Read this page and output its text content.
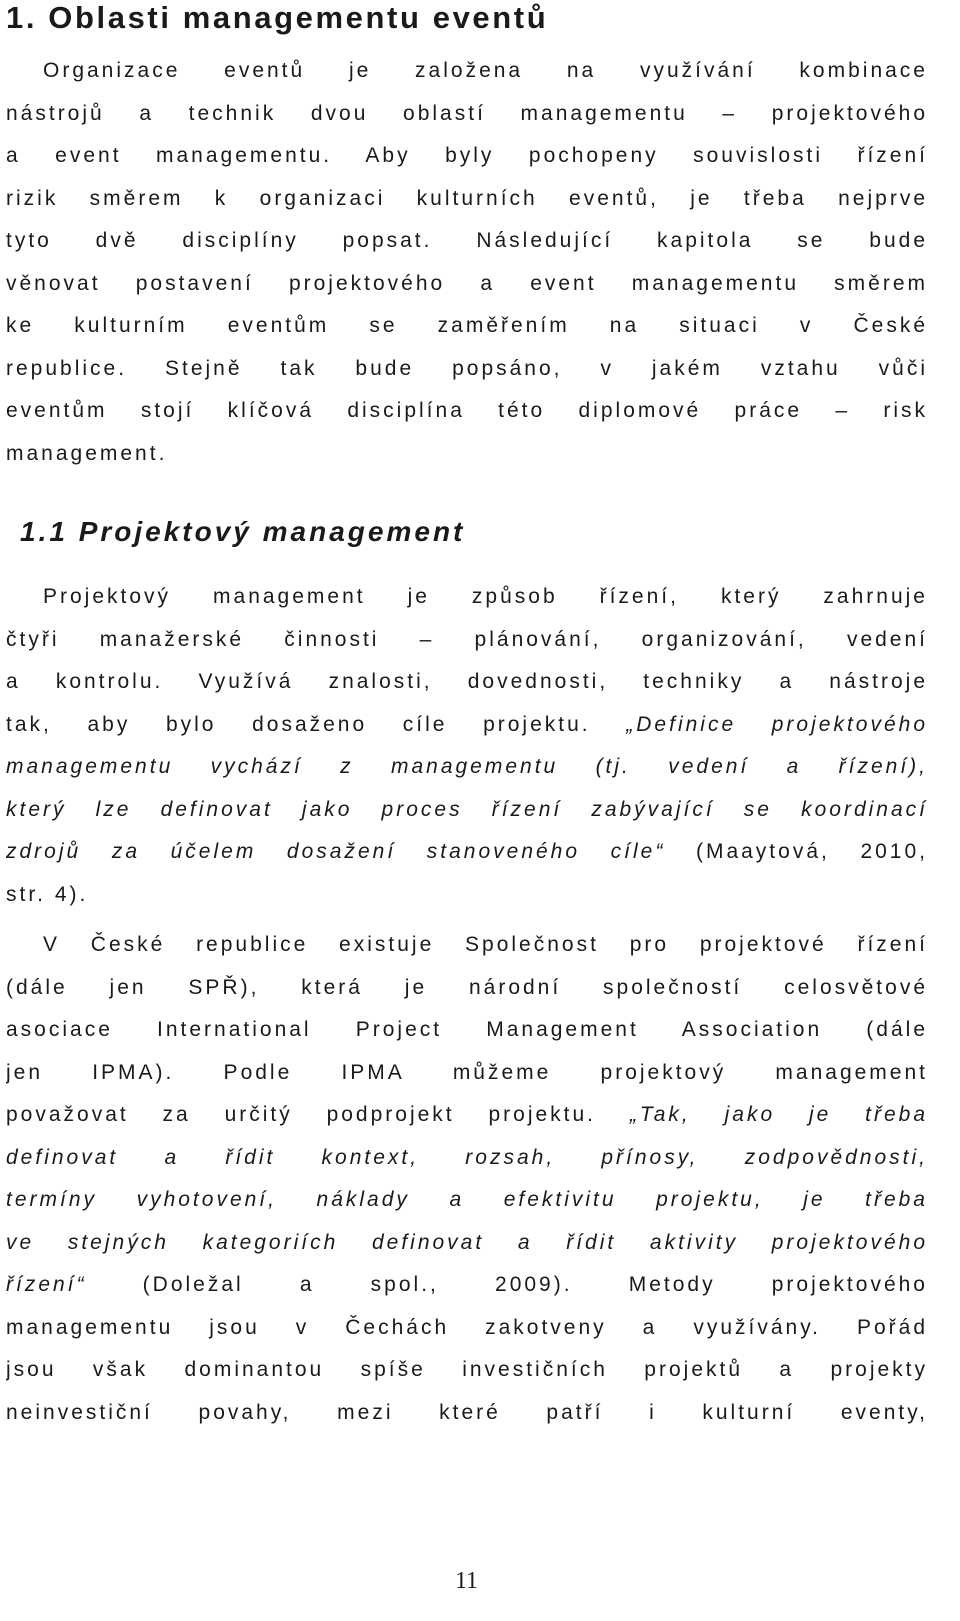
1. Oblasti managementu eventů
Organizace eventů je založena na využívání kombinace
nástrojů a technik dvou oblastí managementu – projektového
a event managementu. Aby byly pochopeny souvislosti řízení
rizik směrem k organizaci kulturních eventů, je třeba nejprve
tyto dvě disciplíny popsat. Následující kapitola se bude
věnovat postavení projektového a event managementu směrem
ke kulturním eventům se zaměřením na situaci v České
republice. Stejně tak bude popsáno, v jakém vztahu vůči
eventům stojí klíčová disciplína této diplomové práce – risk
management.
1.1 Projektový management
Projektový management je způsob řízení, který zahrnuje
čtyři manažerské činnosti – plánování, organizování, vedení
a kontrolu. Využívá znalosti, dovednosti, techniky a nástroje
tak, aby bylo dosaženo cíle projektu. „Definice projektového
managementu vychází z managementu (tj. vedení a řízení),
který lze definovat jako proces řízení zabývající se koordinací
zdrojů za účelem dosažení stanoveného cíle“ (Maaytová, 2010,
str. 4).
V České republice existuje Společnost pro projektové řízení
(dále jen SPŘ), která je národní společností celosvětové
asociace International Project Management Association (dále
jen IPMA). Podle IPMA můžeme projektový management
považovat za určitý podprojekt projektu. „Tak, jako je třeba
definovat a řídit kontext, rozsah, přínosy, zodpovědnosti,
termíny vyhotovení, náklady a efektivitu projektu, je třeba
ve stejných kategoriích definovat a řídit aktivity projektového
řízení“ (Doležal a spol., 2009). Metody projektového
managementu jsou v Čechách zakotveny a využívány. Pořád
jsou však dominantou spíše investičních projektů a projekty
neinvestiční povahy, mezi které patří i kulturní eventy,
11
